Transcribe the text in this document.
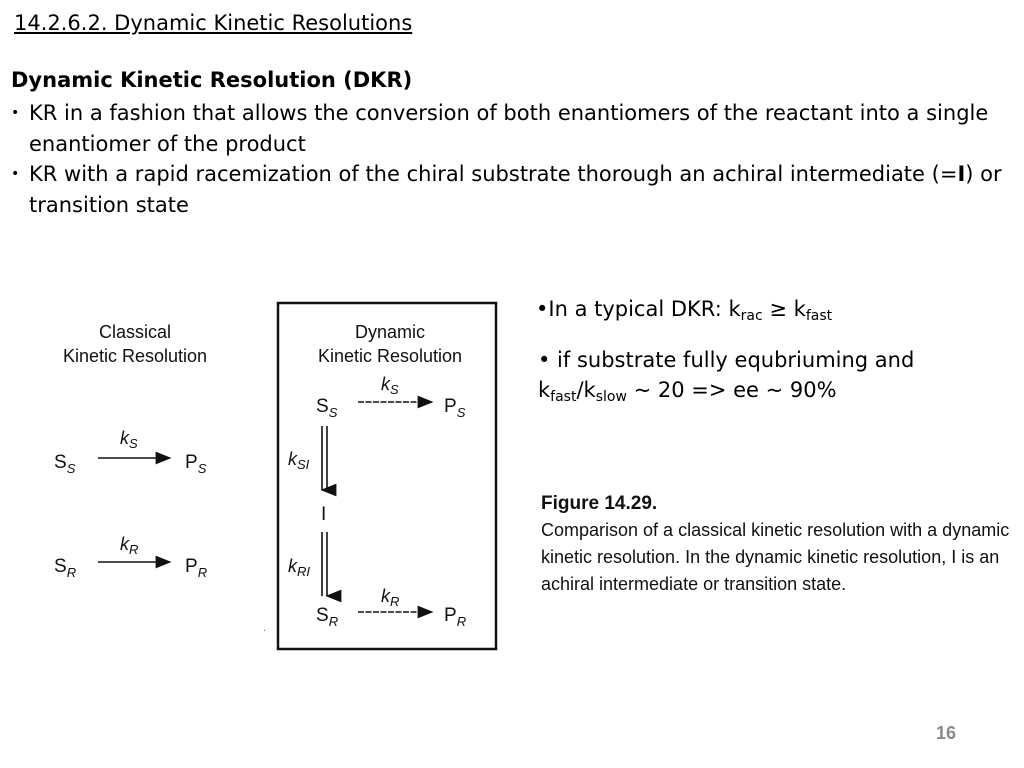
14.2.6.2. Dynamic Kinetic Resolutions
Dynamic Kinetic Resolution (DKR)
• KR in a fashion that allows the conversion of both enantiomers of the reactant into a single enantiomer of the product
• KR with a rapid racemization of the chiral substrate thorough an achiral intermediate (=I) or transition state
•In a typical DKR: $k_{rac} \ge k_{fast}$
• if substrate fully equbriuming and
$k_{fast}/k_{slow}$ ~ 20 => ee ~ 90%
Classical
Kinetic Resolution
$S_S$
$k_S$
$P_S$
$S_R$
$k_R$
$P_R$
.
Dynamic
Kinetic Resolution
$S_S$
$k_S$
$P_S$
$k_{SI}$
I
$k_{RI}$
$S_R$
$k_R$
$P_R$
Figure 14.29.
Comparison of a classical kinetic resolution with a dynamic kinetic resolution. In the dynamic kinetic resolution, I is an achiral intermediate or transition state.
16
